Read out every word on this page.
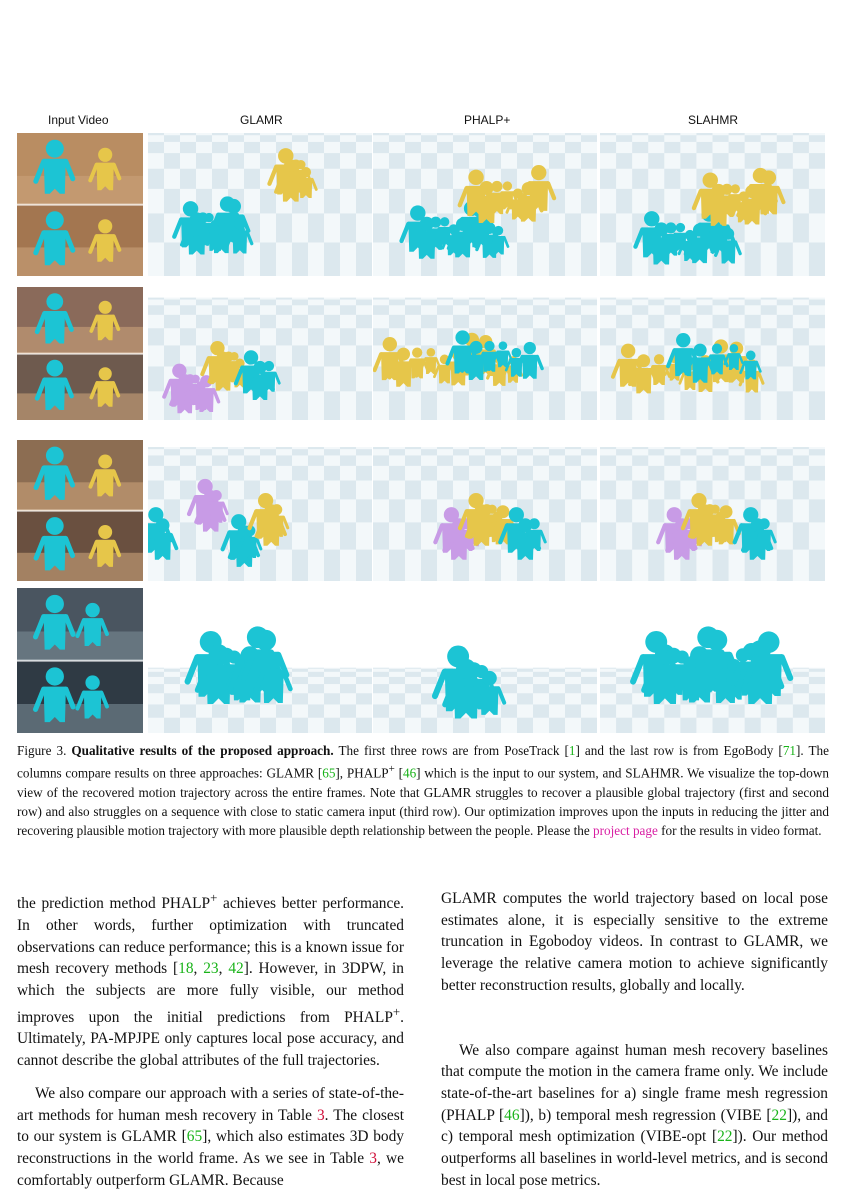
Input Video	GLAMR	PHALP+	SLAHMR
Figure 3. Qualitative results of the proposed approach. The first three rows are from PoseTrack [1] and the last row is from EgoBody [71]. The columns compare results on three approaches: GLAMR [65], PHALP+ [46] which is the input to our system, and SLAHMR. We visualize the top-down view of the recovered motion trajectory across the entire frames. Note that GLAMR struggles to recover a plausible global trajectory (first and second row) and also struggles on a sequence with close to static camera input (third row). Our optimization improves upon the inputs in reducing the jitter and recovering plausible motion trajectory with more plausible depth relationship between the people. Please the project page for the results in video format.

the prediction method PHALP+ achieves better performance. In other words, further optimization with truncated observations can reduce performance; this is a known issue for mesh recovery methods [18, 23, 42]. However, in 3DPW, in which the subjects are more fully visible, our method improves upon the initial predictions from PHALP+. Ultimately, PA-MPJPE only captures local pose accuracy, and cannot describe the global attributes of the full trajectories.

We also compare our approach with a series of state-of-the-art methods for human mesh recovery in Table 3. The closest to our system is GLAMR [65], which also estimates 3D body reconstructions in the world frame. As we see in Table 3, we comfortably outperform GLAMR. Because

GLAMR computes the world trajectory based on local pose estimates alone, it is especially sensitive to the extreme truncation in Egobodoy videos. In contrast to GLAMR, we leverage the relative camera motion to achieve significantly better reconstruction results, globally and locally.

We also compare against human mesh recovery baselines that compute the motion in the camera frame only. We include state-of-the-art baselines for a) single frame mesh regression (PHALP [46]), b) temporal mesh regression (VIBE [22]), and c) temporal mesh optimization (VIBE-opt [22]). Our method outperforms all baselines in world-level metrics, and is second best in local pose metrics.
